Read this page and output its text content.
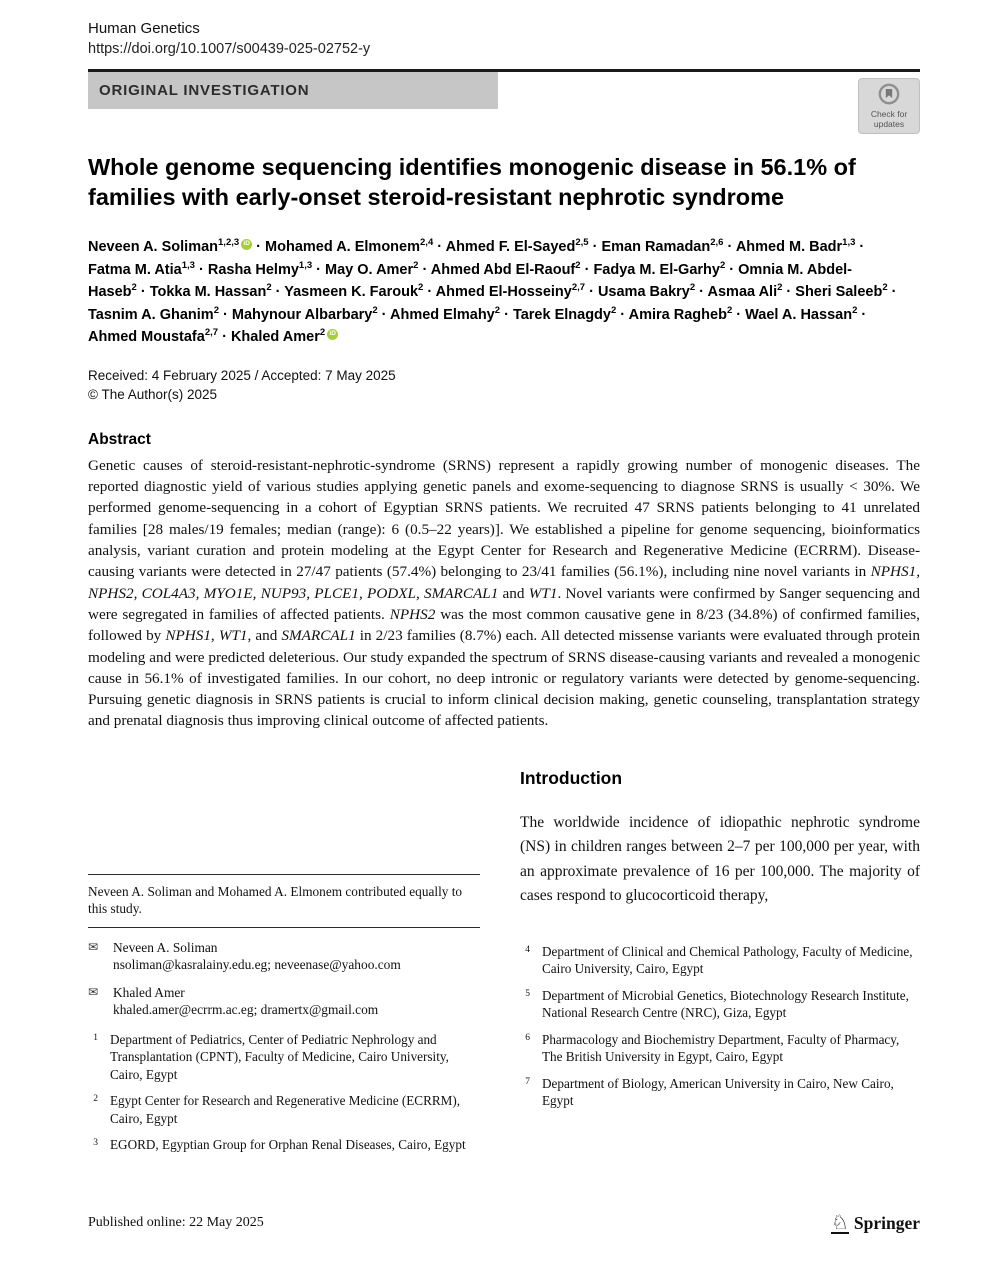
Human Genetics
https://doi.org/10.1007/s00439-025-02752-y
ORIGINAL INVESTIGATION
Check for
updates
Whole genome sequencing identifies monogenic disease in 56.1% of families with early-onset steroid-resistant nephrotic syndrome
Neveen A. Soliman$^{1,2,3}$ iD · Mohamed A. Elmonem$^{2,4}$ · Ahmed F. El-Sayed$^{2,5}$ · Eman Ramadan$^{2,6}$ · Ahmed M. Badr$^{1,3}$ · Fatma M. Atia$^{1,3}$ · Rasha Helmy$^{1,3}$ · May O. Amer$^2$ · Ahmed Abd El-Raouf$^2$ · Fadya M. El-Garhy$^2$ · Omnia M. Abdel-Haseb$^2$ · Tokka M. Hassan$^2$ · Yasmeen K. Farouk$^2$ · Ahmed El-Hosseiny$^{2,7}$ · Usama Bakry$^2$ · Asmaa Ali$^2$ · Sheri Saleeb$^2$ · Tasnim A. Ghanim$^2$ · Mahynour Albarbary$^2$ · Ahmed Elmahy$^2$ · Tarek Elnagdy$^2$ · Amira Ragheb$^2$ · Wael A. Hassan$^2$ · Ahmed Moustafa$^{2,7}$ · Khaled Amer$^2$ iD
Received: 4 February 2025 / Accepted: 7 May 2025
© The Author(s) 2025
Abstract

Genetic causes of steroid-resistant-nephrotic-syndrome (SRNS) represent a rapidly growing number of monogenic diseases. The reported diagnostic yield of various studies applying genetic panels and exome-sequencing to diagnose SRNS is usually < 30%. We performed genome-sequencing in a cohort of Egyptian SRNS patients. We recruited 47 SRNS patients belonging to 41 unrelated families [28 males/19 females; median (range): 6 (0.5–22 years)]. We established a pipeline for genome sequencing, bioinformatics analysis, variant curation and protein modeling at the Egypt Center for Research and Regenerative Medicine (ECRRM). Disease-causing variants were detected in 27/47 patients (57.4%) belonging to 23/41 families (56.1%), including nine novel variants in NPHS1, NPHS2, COL4A3, MYO1E, NUP93, PLCE1, PODXL, SMARCAL1 and WT1. Novel variants were confirmed by Sanger sequencing and were segregated in families of affected patients. NPHS2 was the most common causative gene in 8/23 (34.8%) of confirmed families, followed by NPHS1, WT1, and SMARCAL1 in 2/23 families (8.7%) each. All detected missense variants were evaluated through protein modeling and were predicted deleterious. Our study expanded the spectrum of SRNS disease-causing variants and revealed a monogenic cause in 56.1% of investigated families. In our cohort, no deep intronic or regulatory variants were detected by genome-sequencing. Pursuing genetic diagnosis in SRNS patients is crucial to inform clinical decision making, genetic counseling, transplantation strategy and prenatal diagnosis thus improving clinical outcome of affected patients.

Neveen A. Soliman and Mohamed A. Elmonem contributed equally to this study.

✉	Neveen A. Soliman
nsoliman@kasralainy.edu.eg; neveenase@yahoo.com
✉	Khaled Amer
khaled.amer@ecrrm.ac.eg; dramertx@gmail.com
1 Department of Pediatrics, Center of Pediatric Nephrology and Transplantation (CPNT), Faculty of Medicine, Cairo University, Cairo, Egypt
2 Egypt Center for Research and Regenerative Medicine (ECRRM), Cairo, Egypt
3 EGORD, Egyptian Group for Orphan Renal Diseases, Cairo, Egypt
Introduction

The worldwide incidence of idiopathic nephrotic syndrome (NS) in children ranges between 2–7 per 100,000 per year, with an approximate prevalence of 16 per 100,000. The majority of cases respond to glucocorticoid therapy,

4 Department of Clinical and Chemical Pathology, Faculty of Medicine, Cairo University, Cairo, Egypt
5 Department of Microbial Genetics, Biotechnology Research Institute, National Research Centre (NRC), Giza, Egypt
6 Pharmacology and Biochemistry Department, Faculty of Pharmacy, The British University in Egypt, Cairo, Egypt
7 Department of Biology, American University in Cairo, New Cairo, Egypt
Published online: 22 May 2025	♘ Springer
